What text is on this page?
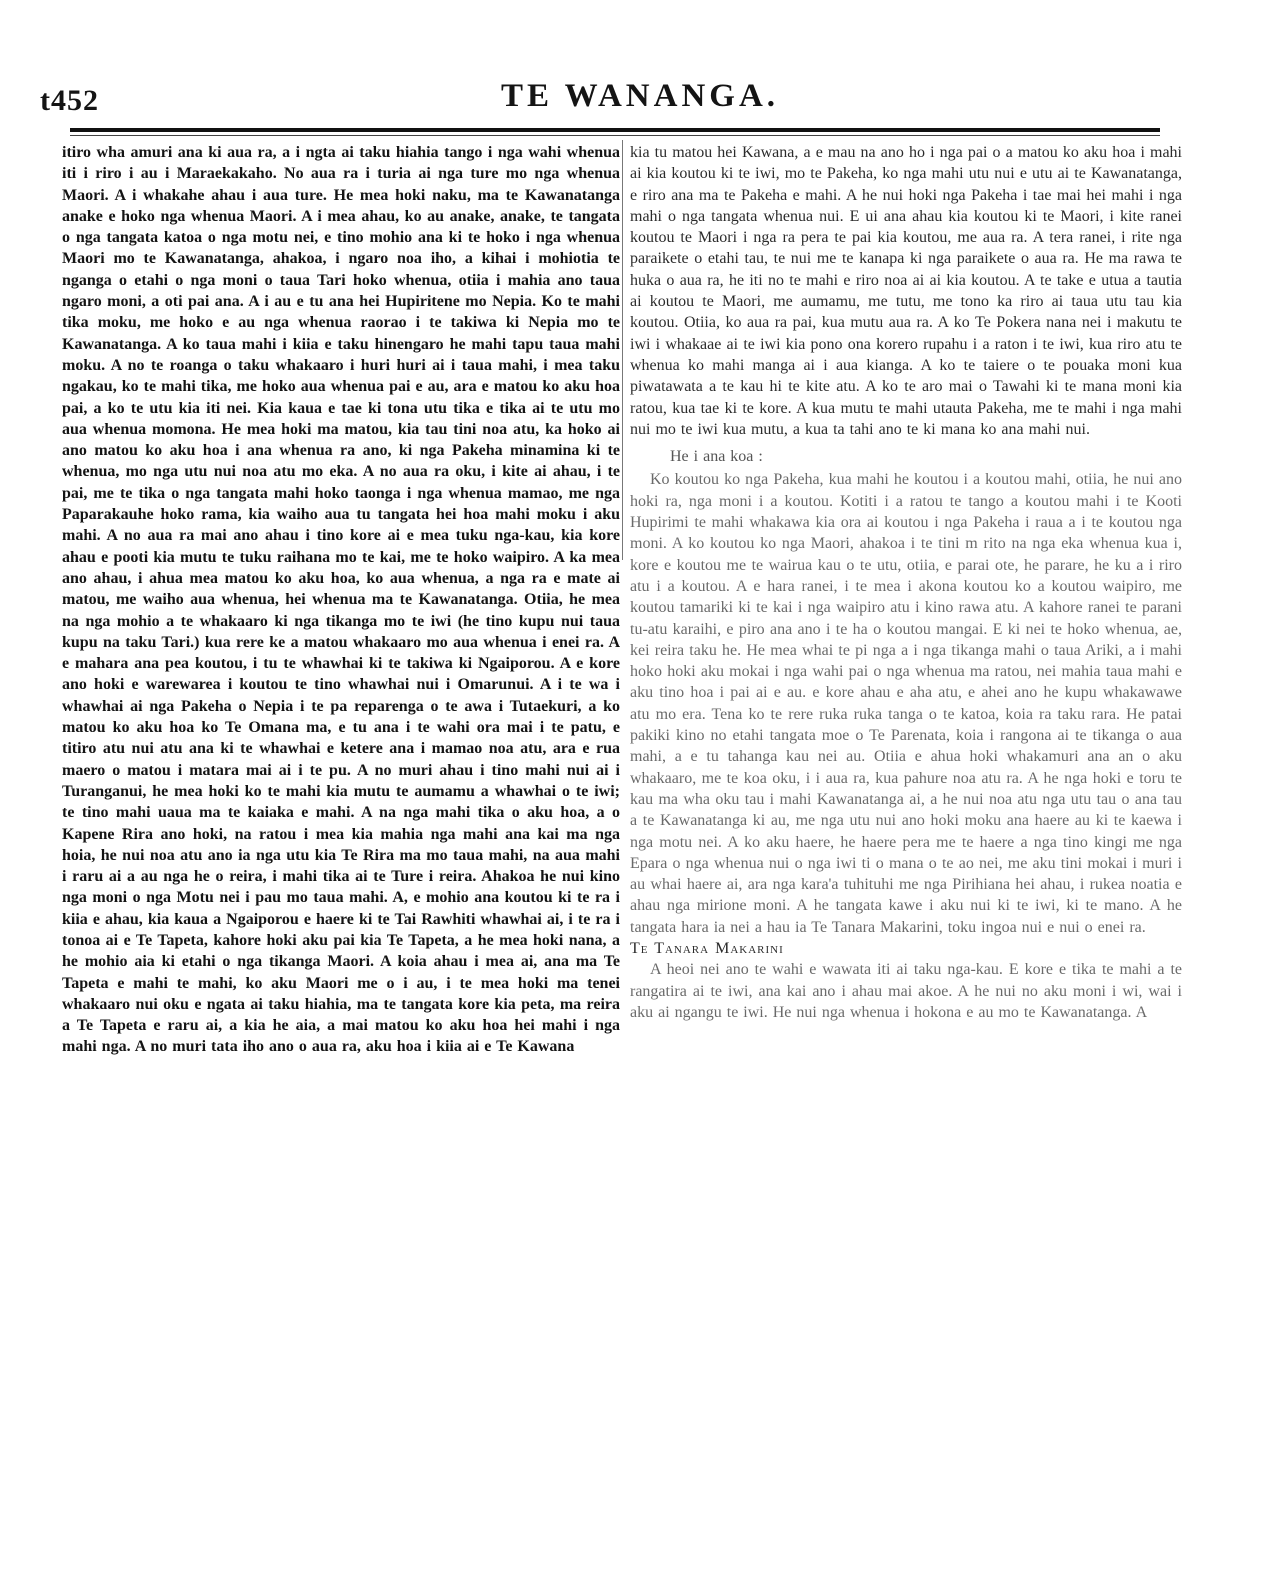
t452	TE WANANGA.

itiro wha amuri ana ki aua ra, a i ngta ai taku hiahia tango i nga wahi whenua iti i riro i au i Maraekakaho. No aua ra i turia ai nga ture mo nga whenua Maori. A i whakahe ahau i aua ture. He mea hoki naku, ma te Kawanatanga anake e hoko nga whenua Maori. A i mea ahau, ko au anake, anake, te tangata o nga tangata katoa o nga motu nei, e tino mohio ana ki te hoko i nga whenua Maori mo te Kawanatanga, ahakoa, i ngaro noa iho, a kihai i mohiotia te nganga o etahi o nga moni o taua Tari hoko whenua, otiia i mahia ano taua ngaro moni, a oti pai ana. A i au e tu ana hei Hupiritene mo Nepia. Ko te mahi tika moku, me hoko e au nga whenua raorao i te takiwa ki Nepia mo te Kawanatanga. A ko taua mahi i kiia e taku hinengaro he mahi tapu taua mahi moku. A no te roanga o taku whakaaro i huri huri ai i taua mahi, i mea taku ngakau, ko te mahi tika, me hoko aua whenua pai e au, ara e matou ko aku hoa pai, a ko te utu kia iti nei. Kia kaua e tae ki tona utu tika e tika ai te utu mo aua whenua momona. He mea hoki ma matou, kia tau tini noa atu, ka hoko ai ano matou ko aku hoa i ana whenua ra ano, ki nga Pakeha minamina ki te whenua, mo nga utu nui noa atu mo eka. A no aua ra oku, i kite ai ahau, i te pai, me te tika o nga tangata mahi hoko taonga i nga whenua mamao, me nga Paparakauhe hoko rama, kia waiho aua tu tangata hei hoa mahi moku i aku mahi. A no aua ra mai ano ahau i tino kore ai e mea tuku nga-kau, kia kore ahau e pooti kia mutu te tuku raihana mo te kai, me te hoko waipiro. A ka mea ano ahau, i ahua mea matou ko aku hoa, ko aua whenua, a nga ra e mate ai matou, me waiho aua whenua, hei whenua ma te Kawanatanga. Otiia, he mea na nga mohio a te whakaaro ki nga tikanga mo te iwi (he tino kupu nui taua kupu na taku Tari.) kua rere ke a matou whakaaro mo aua whenua i enei ra. A e mahara ana pea koutou, i tu te whawhai ki te takiwa ki Ngaiporou. A e kore ano hoki e warewarea i koutou te tino whawhai nui i Omarunui. A i te wa i whawhai ai nga Pakeha o Nepia i te pa reparenga o te awa i Tutaekuri, a ko matou ko aku hoa ko Te Omana ma, e tu ana i te wahi ora mai i te patu, e titiro atu nui atu ana ki te whawhai e ketere ana i mamao noa atu, ara e rua maero o matou i matara mai ai i te pu. A no muri ahau i tino mahi nui ai i Turanganui, he mea hoki ko te mahi kia mutu te aumamu a whawhai o te iwi; te tino mahi uaua ma te kaiaka e mahi. A na nga mahi tika o aku hoa, a o Kapene Rira ano hoki, na ratou i mea kia mahia nga mahi ana kai ma nga hoia, he nui noa atu ano ia nga utu kia Te Rira ma mo taua mahi, na aua mahi i raru ai a au nga he o reira, i mahi tika ai te Ture i reira. Ahakoa he nui kino nga moni o nga Motu nei i pau mo taua mahi. A, e mohio ana koutou ki te ra i kiia e ahau, kia kaua a Ngaiporou e haere ki te Tai Rawhiti whawhai ai, i te ra i tonoa ai e Te Tapeta, kahore hoki aku pai kia Te Tapeta, a he mea hoki nana, a he mohio aia ki etahi o nga tikanga Maori. A koia ahau i mea ai, ana ma Te Tapeta e mahi te mahi, ko aku Maori me o i au, i te mea hoki ma tenei whakaaro nui oku e ngata ai taku hiahia, ma te tangata kore kia peta, ma reira a Te Tapeta e raru ai, a kia he aia, a mai matou ko aku hoa hei mahi i nga mahi nga. A no muri tata iho ano o aua ra, aku hoa i kiia ai e Te Kawana

kia tu matou hei Kawana, a e mau na ano ho i nga pai o a matou ko aku hoa i mahi ai kia koutou ki te iwi, mo te Pakeha, ko nga mahi utu nui e utu ai te Kawanatanga, e riro ana ma te Pakeha e mahi. A he nui hoki nga Pakeha i tae mai hei mahi i nga mahi o nga tangata whenua nui. E ui ana ahau kia koutou ki te Maori, i kite ranei koutou te Maori i nga ra pera te pai kia koutou, me aua ra. A tera ranei, i rite nga paraikete o etahi tau, te nui me te kanapa ki nga paraikete o aua ra. He ma rawa te huka o aua ra, he iti no te mahi e riro noa ai ai kia koutou. A te take e utua a tautia ai koutou te Maori, me aumamu, me tutu, me tono ka riro ai taua utu tau kia koutou. Otiia, ko aua ra pai, kua mutu aua ra. A ko Te Pokera nana nei i makutu te iwi i whakaae ai te iwi kia pono ona korero rupahu i a raton i te iwi, kua riro atu te whenua ko mahi manga ai i aua kianga. A ko te taiere o te pouaka moni kua piwatawata a te kau hi te kite atu. A ko te aro mai o Tawahi ki te mana moni kia ratou, kua tae ki te kore. A kua mutu te mahi utauta Pakeha, me te mahi i nga mahi nui mo te iwi kua mutu, a kua ta tahi ano te ki mana ko ana mahi nui.

He i ana koa :

Ko koutou ko nga Pakeha, kua mahi he koutou i a koutou mahi, otiia, he nui ano hoki ra, nga moni i a koutou. Kotiti i a ratou te tango a koutou mahi i te Kooti Hupirimi te mahi whakawa kia ora ai koutou i nga Pakeha i raua a i te koutou nga moni. A ko koutou ko nga Maori, ahakoa i te tini m rito na nga eka whenua kua i, kore e koutou me te wairua kau o te utu, otiia, e parai ote, he parare, he ku a i riro atu i a koutou. A e hara ranei, i te mea i akona koutou ko a koutou waipiro, me koutou tamariki ki te kai i nga waipiro atu i kino rawa atu. A kahore ranei te parani tu-atu karaihi, e piro ana ano i te ha o koutou mangai. E ki nei te hoko whenua, ae, kei reira taku he. He mea whai te pi nga a i nga tikanga mahi o taua Ariki, a i mahi hoko hoki aku mokai i nga wahi pai o nga whenua ma ratou, nei mahia taua mahi e aku tino hoa i pai ai e au. e kore ahau e aha atu, e ahei ano he kupu whakawawe atu mo era. Tena ko te rere ruka ruka tanga o te katoa, koia ra taku rara. He patai pakiki kino no etahi tangata moe o Te Parenata, koia i rangona ai te tikanga o aua mahi, a e tu tahanga kau nei au. Otiia e ahua hoki whakamuri ana an o aku whakaaro, me te koa oku, i i aua ra, kua pahure noa atu ra. A he nga hoki e toru te kau ma wha oku tau i mahi Kawanatanga ai, a he nui noa atu nga utu tau o ana tau a te Kawanatanga ki au, me nga utu nui ano hoki moku ana haere au ki te kaewa i nga motu nei. A ko aku haere, he haere pera me te haere a nga tino kingi me nga Epara o nga whenua nui o nga iwi ti o mana o te ao nei, me aku tini mokai i muri i au whai haere ai, ara nga kara'a tuhituhi me nga Pirihiana hei ahau, i rukea noatia e ahau nga mirione moni. A he tangata kawe i aku nui ki te iwi, ki te mano. A he tangata hara ia nei a hau ia Te Tanara Makarini, toku ingoa nui e nui o enei ra.

Te Tanara Makarini

A heoi nei ano te wahi e wawata iti ai taku nga-kau. E kore e tika te mahi a te rangatira ai te iwi, ana kai ano i ahau mai akoe. A he nui no aku moni i wi, wai i aku ai ngangu te iwi. He nui nga whenua i hokona e au mo te Kawanatanga. A
